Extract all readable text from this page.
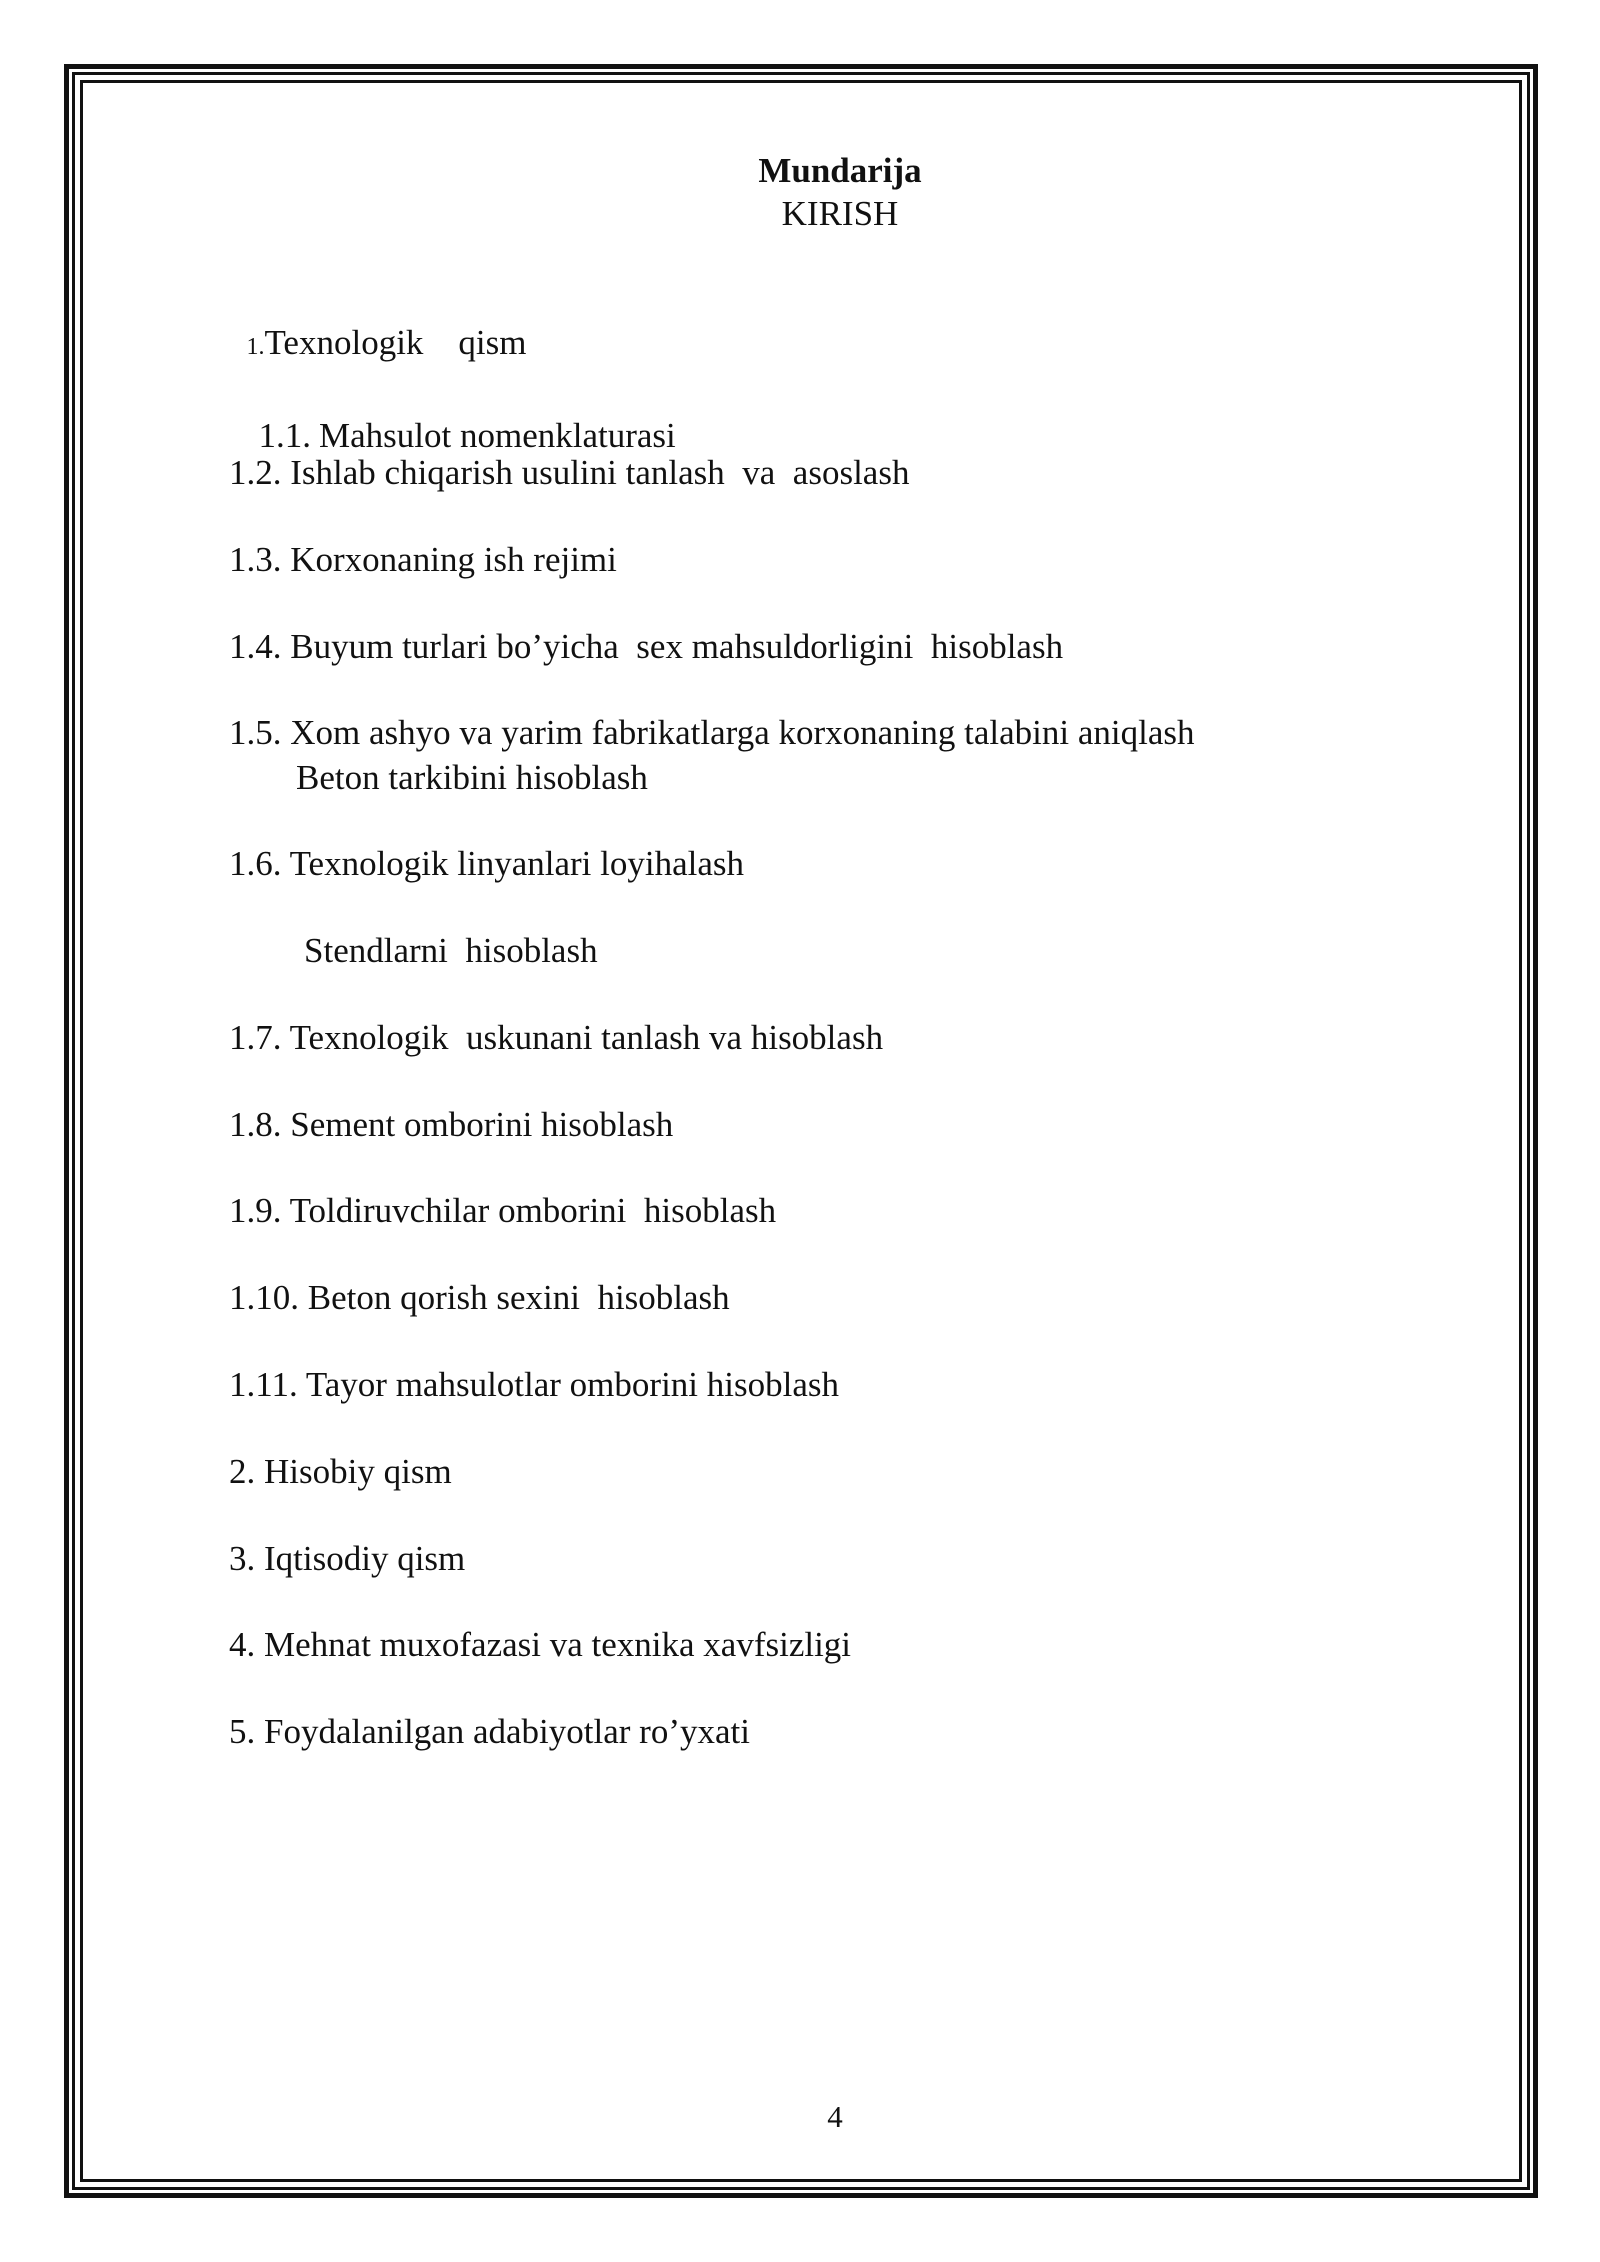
Mundarija
KIRISH

1.Texnologik    qism

1.1. Mahsulot nomenklaturasi

1.2. Ishlab chiqarish usulini tanlash  va  asoslash
1.3. Korxonaning ish rejimi
1.4. Buyum turlari bo’yicha  sex mahsuldorligini  hisoblash
1.5. Xom ashyo va yarim fabrikatlarga korxonaning talabini aniqlash
Beton tarkibini hisoblash
1.6. Texnologik linyanlari loyihalash
Stendlarni  hisoblash
1.7. Texnologik  uskunani tanlash va hisoblash
1.8. Sement omborini hisoblash
1.9. Toldiruvchilar omborini  hisoblash
1.10. Beton qorish sexini  hisoblash
1.11. Tayor mahsulotlar omborini hisoblash
2. Hisobiy qism
3. Iqtisodiy qism
4. Mehnat muxofazasi va texnika xavfsizligi
5. Foydalanilgan adabiyotlar ro’yxati
4
